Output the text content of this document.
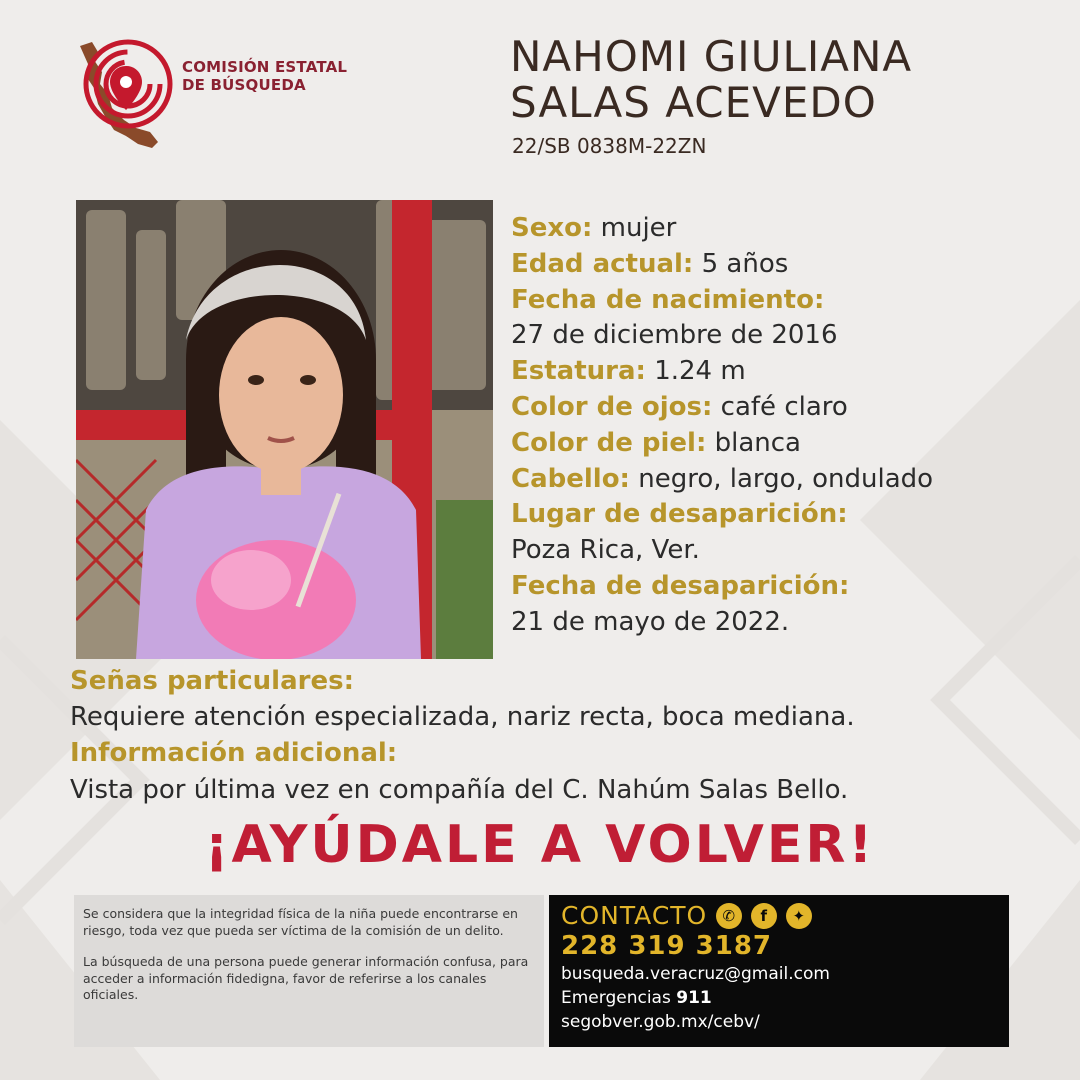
COMISIÓN ESTATAL
DE BÚSQUEDA
NAHOMI GIULIANA
SALAS ACEVEDO
22/SB 0838M-22ZN
Sexo: mujer
Edad actual: 5 años
Fecha de nacimiento:
27 de diciembre de 2016
Estatura: 1.24 m
Color de ojos: café claro
Color de piel: blanca
Cabello: negro, largo, ondulado
Lugar de desaparición:
Poza Rica, Ver.
Fecha de desaparición:
21 de mayo de 2022.
Señas particulares:
Requiere atención especializada, nariz recta, boca mediana.
Información adicional:
Vista por última vez en compañía del C. Nahúm Salas Bello.
¡AYÚDALE A VOLVER!

Se considera que la integridad física de la niña puede encontrarse en riesgo, toda vez que pueda ser víctima de la comisión de un delito.

La búsqueda de una persona puede generar información confusa, para acceder a información fidedigna, favor de referirse a los canales oficiales.

CONTACTO	✆	f	✦
228 319 3187
busqueda.veracruz@gmail.com
Emergencias 911
segobver.gob.mx/cebv/
